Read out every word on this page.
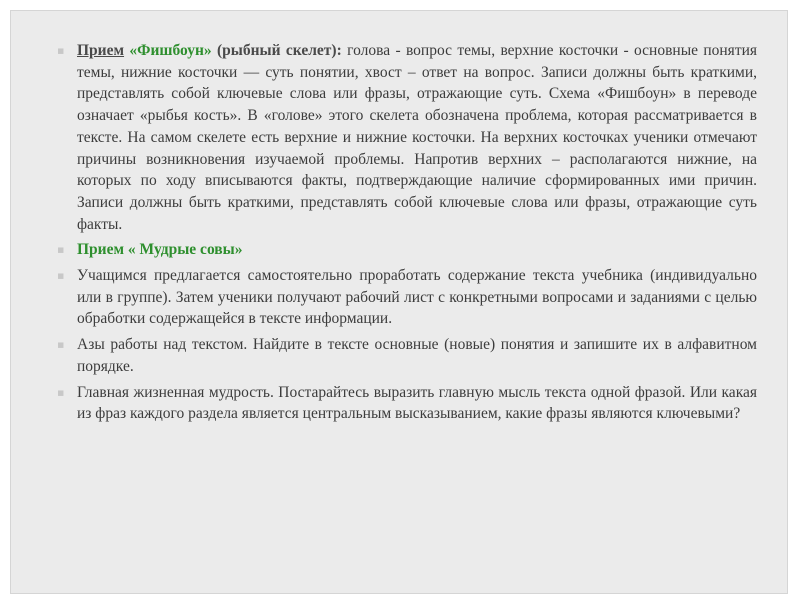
▪ Прием «Фишбоун» (рыбный скелет): голова - вопрос темы, верхние косточки - основные понятия темы, нижние косточки — суть понятии, хвост – ответ на вопрос. Записи должны быть краткими, представлять собой ключевые слова или фразы, отражающие суть. Схема «Фишбоун» в переводе означает «рыбья кость». В «голове» этого скелета обозначена проблема, которая рассматривается в тексте. На самом скелете есть верхние и нижние косточки. На верхних косточках ученики отмечают причины возникновения изучаемой проблемы. Напротив верхних – располагаются нижние, на которых по ходу вписываются факты, подтверждающие наличие сформированных ими причин. Записи должны быть краткими, представлять собой ключевые слова или фразы, отражающие суть факты.

▪ Прием « Мудрые совы»

▪ Учащимся предлагается самостоятельно проработать содержание текста учебника (индивидуально или в группе). Затем ученики получают рабочий лист с конкретными вопросами и заданиями с целью обработки содержащейся в тексте информации.

▪ Азы работы над текстом. Найдите в тексте основные (новые) понятия и запишите их в алфавитном порядке.

▪ Главная жизненная мудрость. Постарайтесь выразить главную мысль текста одной фразой. Или какая из фраз каждого раздела является центральным высказыванием, какие фразы являются ключевыми?
